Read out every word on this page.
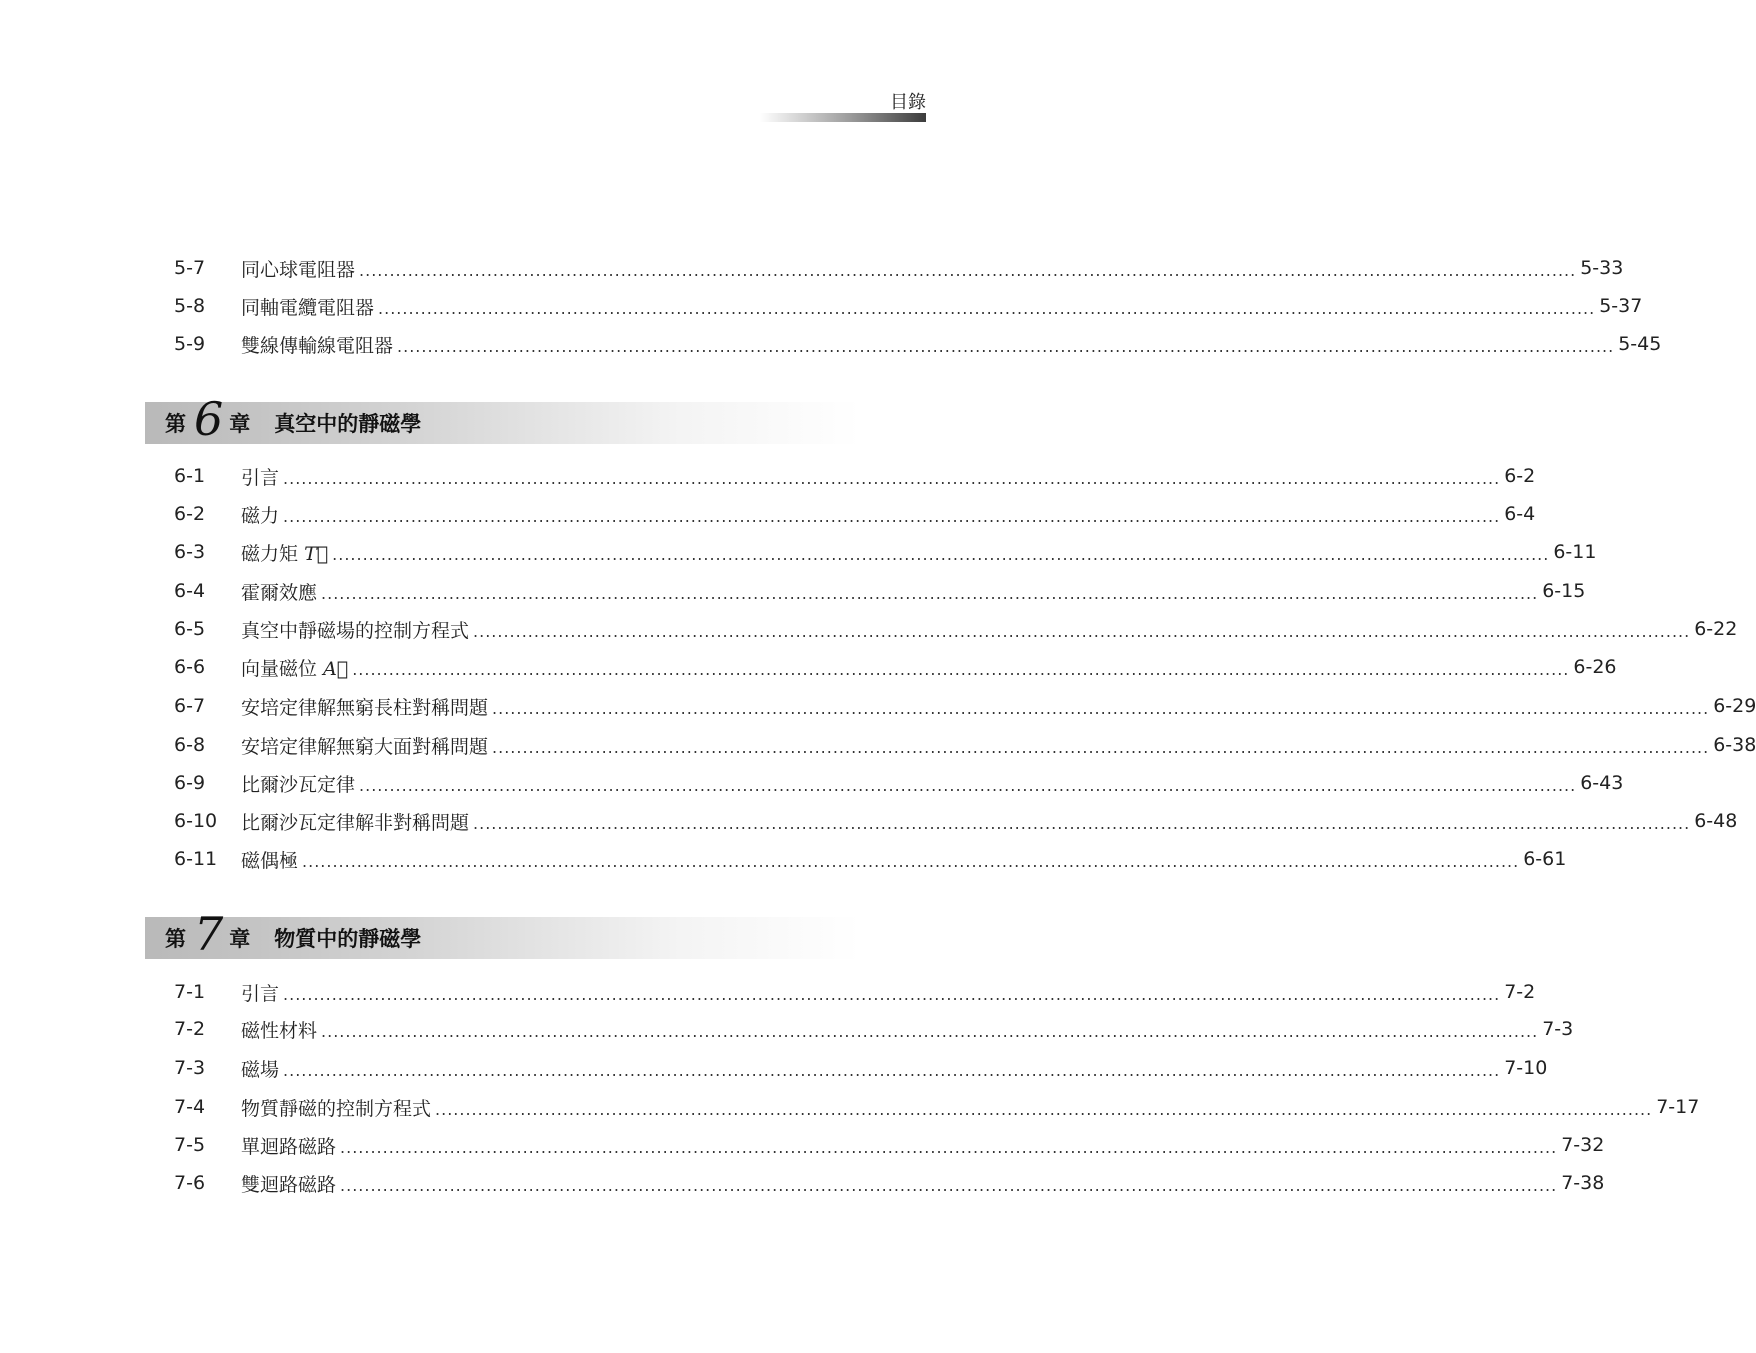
目錄
5-7	同心球電阻器 ........................................................................................................................................................................................................ 5-33
5-8	同軸電纜電阻器 ........................................................................................................................................................................................................ 5-37
5-9	雙線傳輸線電阻器 ........................................................................................................................................................................................................ 5-45
第 6 章 真空中的靜磁學
6-1	引言 ........................................................................................................................................................................................................ 6-2
6-2	磁力 ........................................................................................................................................................................................................ 6-4
6-3	磁力矩 T⃗ ........................................................................................................................................................................................................ 6-11
6-4	霍爾效應 ........................................................................................................................................................................................................ 6-15
6-5	真空中靜磁場的控制方程式 ........................................................................................................................................................................................................ 6-22
6-6	向量磁位 A⃗ ........................................................................................................................................................................................................ 6-26
6-7	安培定律解無窮長柱對稱問題 ........................................................................................................................................................................................................ 6-29
6-8	安培定律解無窮大面對稱問題 ........................................................................................................................................................................................................ 6-38
6-9	比爾沙瓦定律 ........................................................................................................................................................................................................ 6-43
6-10	比爾沙瓦定律解非對稱問題 ........................................................................................................................................................................................................ 6-48
6-11	磁偶極 ........................................................................................................................................................................................................ 6-61
第 7 章 物質中的靜磁學
7-1	引言 ........................................................................................................................................................................................................ 7-2
7-2	磁性材料 ........................................................................................................................................................................................................ 7-3
7-3	磁場 ........................................................................................................................................................................................................ 7-10
7-4	物質靜磁的控制方程式 ........................................................................................................................................................................................................ 7-17
7-5	單迴路磁路 ........................................................................................................................................................................................................ 7-32
7-6	雙迴路磁路 ........................................................................................................................................................................................................ 7-38
